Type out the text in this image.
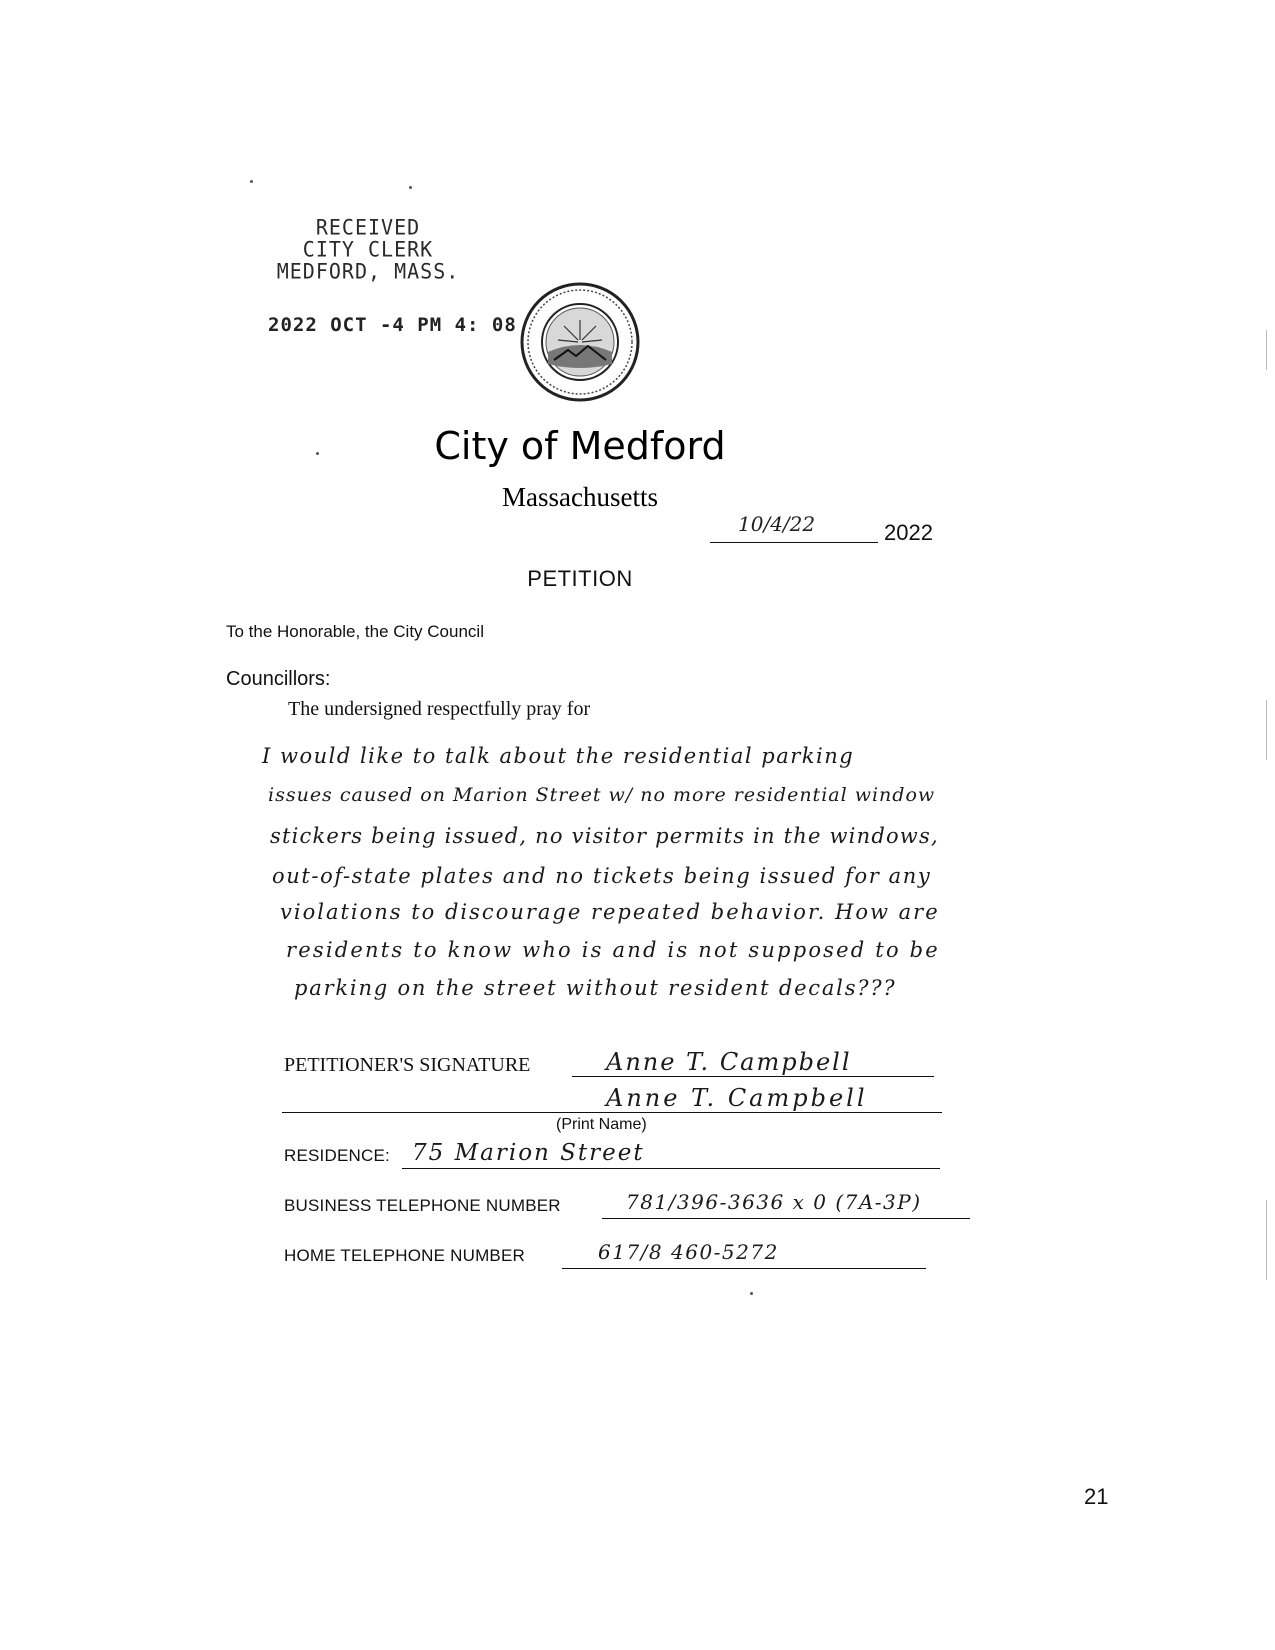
RECEIVED
CITY CLERK
MEDFORD, MASS.
2022 OCT -4 PM 4: 08
City of Medford
Massachusetts
10/4/22	2022
PETITION
To the Honorable, the City Council
Councillors:
The undersigned respectfully pray for
I would like to talk about the residential parking
issues caused on Marion Street w/ no more residential window
stickers being issued, no visitor permits in the windows,
out-of-state plates and no tickets being issued for any
violations to discourage repeated behavior. How are
residents to know who is and is not supposed to be
parking on the street without resident decals???
PETITIONER'S SIGNATURE	Anne T. Campbell
Anne T. Campbell
(Print Name)
RESIDENCE: 75 Marion Street
BUSINESS TELEPHONE NUMBER	781/396-3636 x 0 (7A-3P)
HOME TELEPHONE NUMBER	617/8 460-5272
21
